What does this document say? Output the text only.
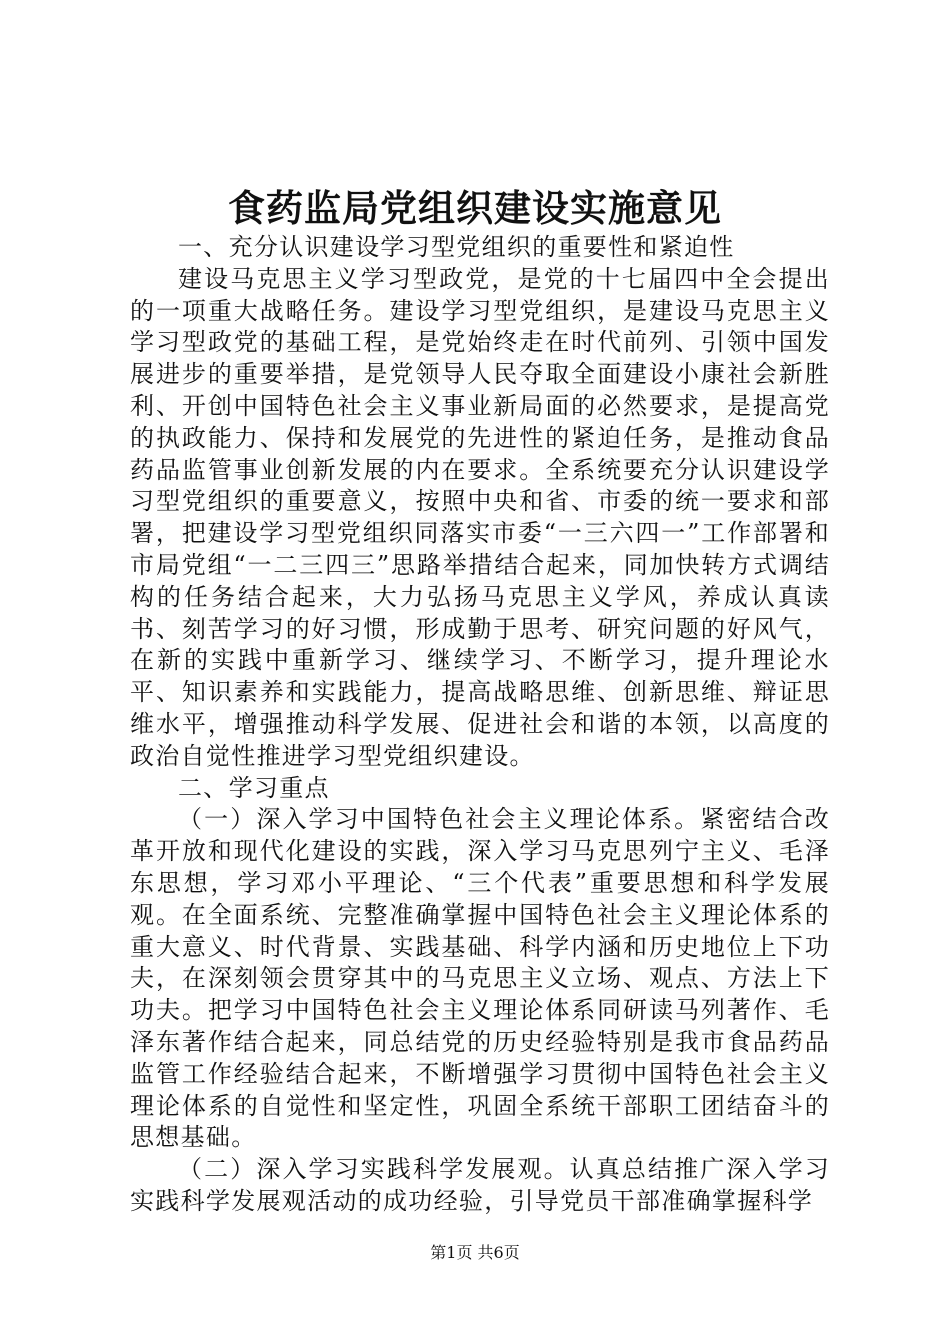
食药监局党组织建设实施意见

一、充分认识建设学习型党组织的重要性和紧迫性

建设马克思主义学习型政党，是党的十七届四中全会提出的一项重大战略任务。建设学习型党组织，是建设马克思主义学习型政党的基础工程，是党始终走在时代前列、引领中国发展进步的重要举措，是党领导人民夺取全面建设小康社会新胜利、开创中国特色社会主义事业新局面的必然要求，是提高党的执政能力、保持和发展党的先进性的紧迫任务，是推动食品药品监管事业创新发展的内在要求。全系统要充分认识建设学习型党组织的重要意义，按照中央和省、市委的统一要求和部署，把建设学习型党组织同落实市委“一三六四一”工作部署和市局党组“一二三四三”思路举措结合起来，同加快转方式调结构的任务结合起来，大力弘扬马克思主义学风，养成认真读书、刻苦学习的好习惯，形成勤于思考、研究问题的好风气，在新的实践中重新学习、继续学习、不断学习，提升理论水平、知识素养和实践能力，提高战略思维、创新思维、辩证思维水平，增强推动科学发展、促进社会和谐的本领，以高度的政治自觉性推进学习型党组织建设。

二、学习重点

（一）深入学习中国特色社会主义理论体系。紧密结合改革开放和现代化建设的实践，深入学习马克思列宁主义、毛泽东思想，学习邓小平理论、“三个代表”重要思想和科学发展观。在全面系统、完整准确掌握中国特色社会主义理论体系的重大意义、时代背景、实践基础、科学内涵和历史地位上下功夫，在深刻领会贯穿其中的马克思主义立场、观点、方法上下功夫。把学习中国特色社会主义理论体系同研读马列著作、毛泽东著作结合起来，同总结党的历史经验特别是我市食品药品监管工作经验结合起来，不断增强学习贯彻中国特色社会主义理论体系的自觉性和坚定性，巩固全系统干部职工团结奋斗的思想基础。

（二）深入学习实践科学发展观。认真总结推广深入学习实践科学发展观活动的成功经验，引导党员干部准确掌握科学

第1页 共6页
